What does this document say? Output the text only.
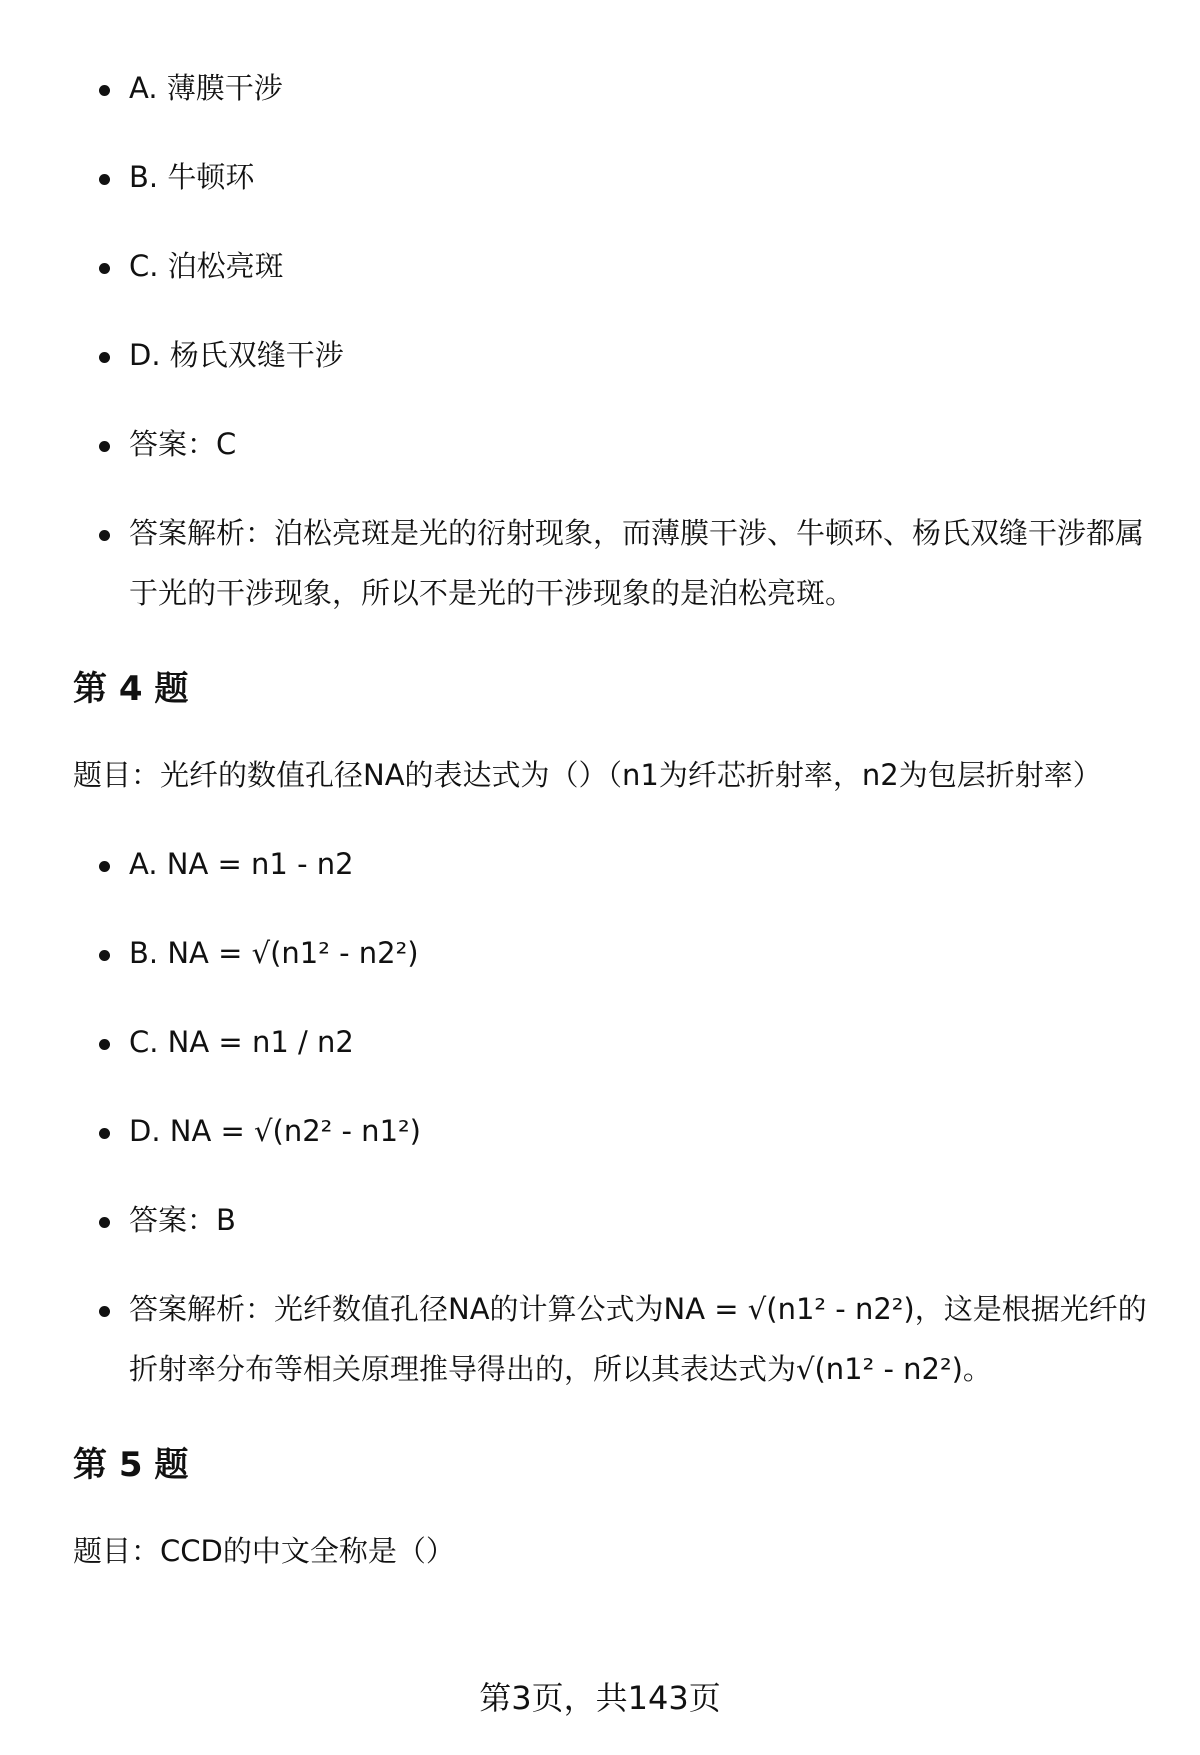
A. 薄膜干涉
B. 牛顿环
C. 泊松亮斑
D. 杨氏双缝干涉
答案：C
答案解析：泊松亮斑是光的衍射现象，而薄膜干涉、牛顿环、杨氏双缝干涉都属于光的干涉现象，所以不是光的干涉现象的是泊松亮斑。
第 4 题
题目：光纤的数值孔径NA的表达式为（）（n1为纤芯折射率，n2为包层折射率）
A. NA = n1 - n2
B. NA = √(n1² - n2²)
C. NA = n1 / n2
D. NA = √(n2² - n1²)
答案：B
答案解析：光纤数值孔径NA的计算公式为NA = √(n1² - n2²)，这是根据光纤的折射率分布等相关原理推导得出的，所以其表达式为√(n1² - n2²)。
第 5 题
题目：CCD的中文全称是（）
第3页，共143页
